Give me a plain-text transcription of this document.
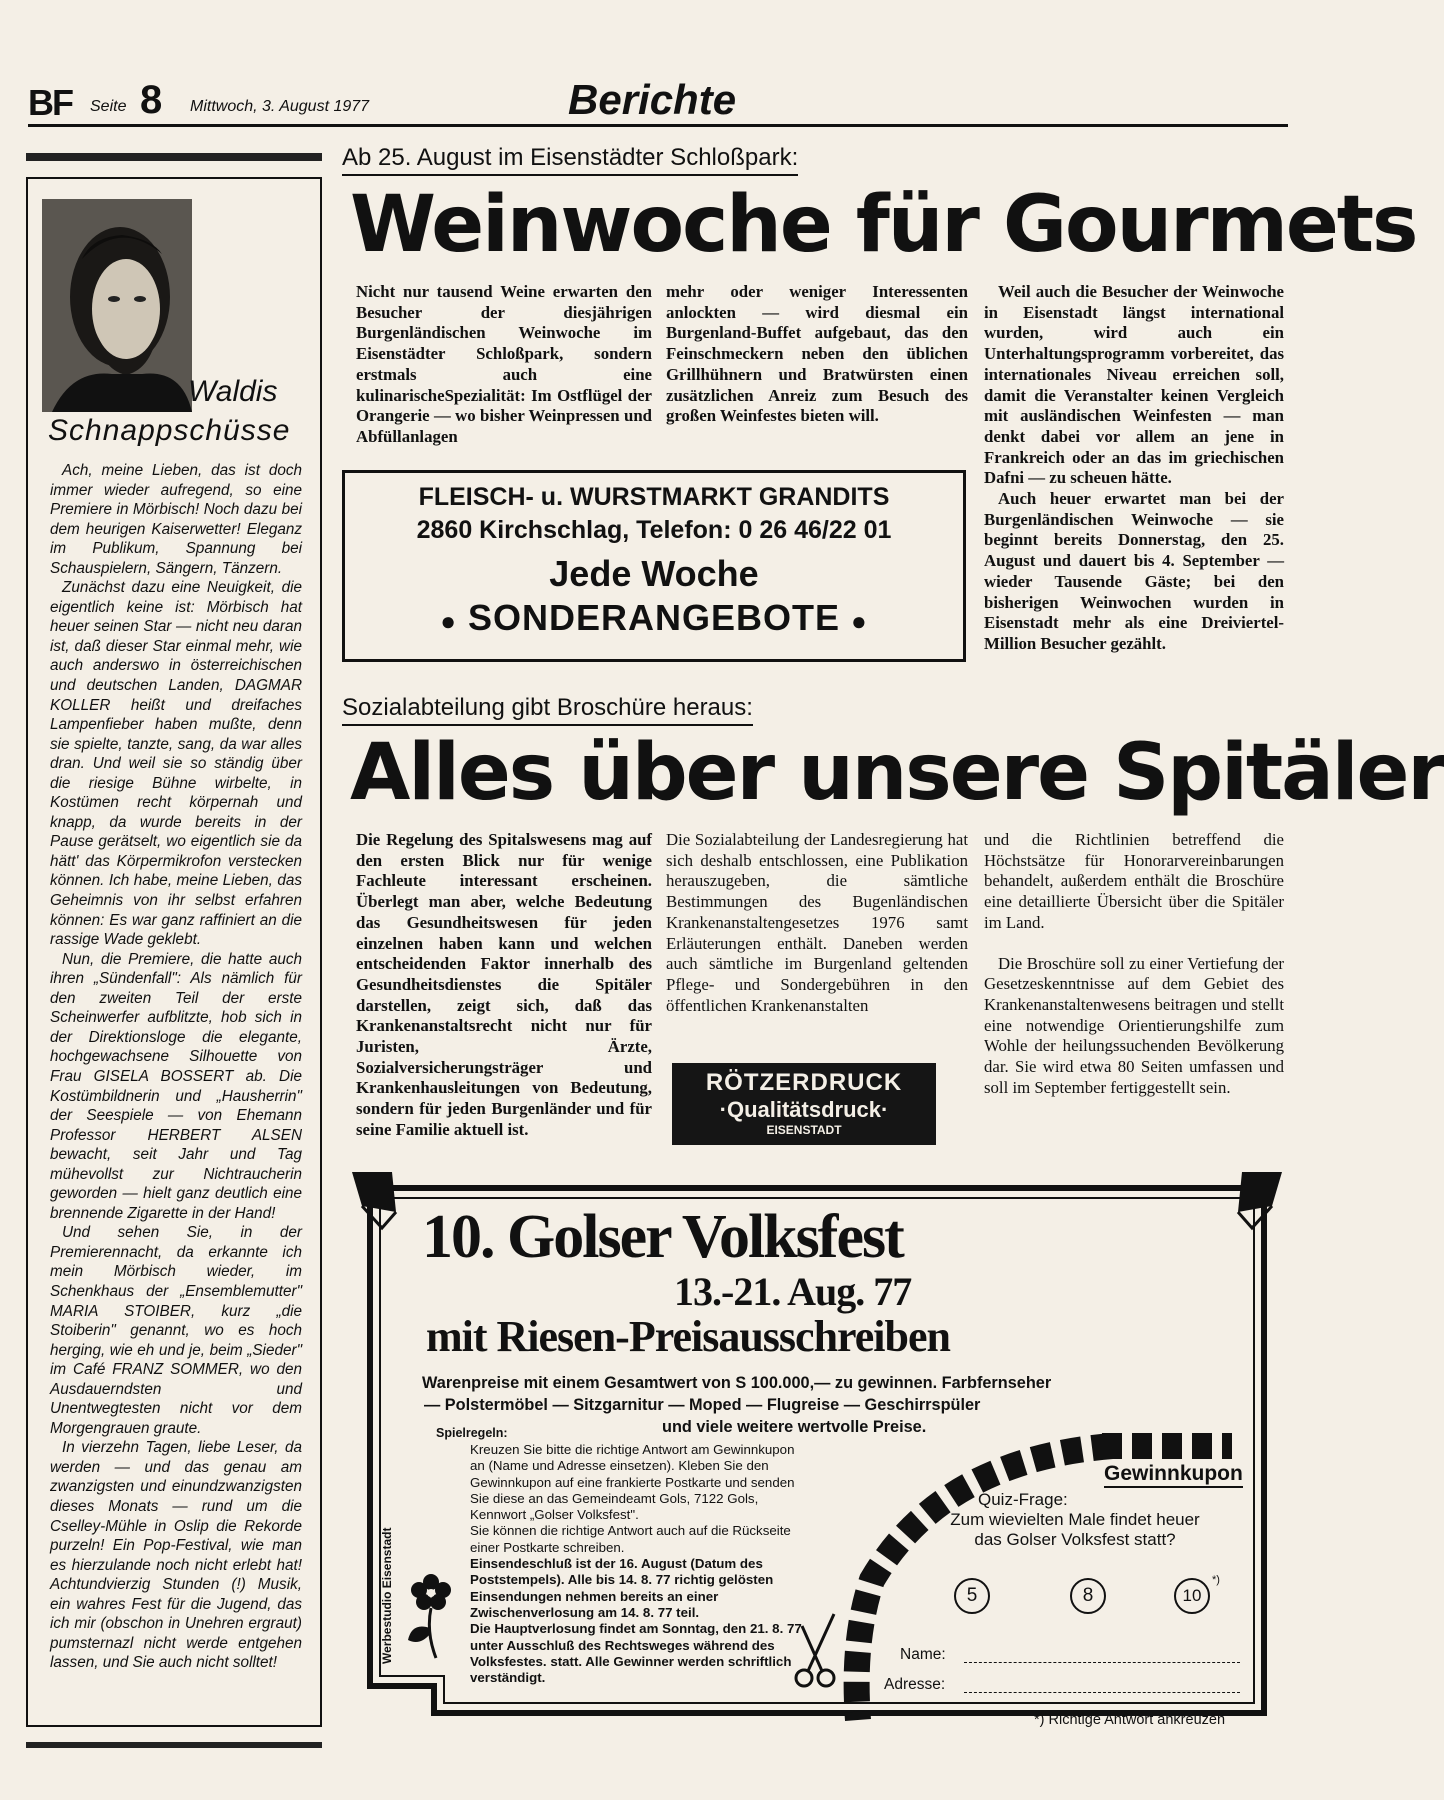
BF Seite 8 Mittwoch, 3. August 1977	Berichte
Waldis
Schnappschüsse

Ach, meine Lieben, das ist doch immer wieder aufregend, so eine Premiere in Mörbisch! Noch dazu bei dem heurigen Kaiserwetter! Eleganz im Publikum, Spannung bei Schauspielern, Sängern, Tänzern.

Zunächst dazu eine Neuigkeit, die eigentlich keine ist: Mörbisch hat heuer seinen Star — nicht neu daran ist, daß dieser Star einmal mehr, wie auch anderswo in österreichischen und deutschen Landen, DAGMAR KOLLER heißt und dreifaches Lampenfieber haben mußte, denn sie spielte, tanzte, sang, da war alles dran. Und weil sie so ständig über die riesige Bühne wirbelte, in Kostümen recht körpernah und knapp, da wurde bereits in der Pause gerätselt, wo eigentlich sie da hätt' das Körpermikrofon verstecken können. Ich habe, meine Lieben, das Geheimnis von ihr selbst erfahren können: Es war ganz raffiniert an die rassige Wade geklebt.

Nun, die Premiere, die hatte auch ihren „Sündenfall": Als nämlich für den zweiten Teil der erste Scheinwerfer aufblitzte, hob sich in der Direktionsloge die elegante, hochgewachsene Silhouette von Frau GISELA BOSSERT ab. Die Kostümbildnerin und „Hausherrin" der Seespiele — von Ehemann Professor HERBERT ALSEN bewacht, seit Jahr und Tag mühevollst zur Nichtraucherin geworden — hielt ganz deutlich eine brennende Zigarette in der Hand!

Und sehen Sie, in der Premierennacht, da erkannte ich mein Mörbisch wieder, im Schenkhaus der „Ensemblemutter" MARIA STOIBER, kurz „die Stoiberin" genannt, wo es hoch herging, wie eh und je, beim „Sieder" im Café FRANZ SOMMER, wo den Ausdauerndsten und Unentwegtesten nicht vor dem Morgengrauen graute.

In vierzehn Tagen, liebe Leser, da werden — und das genau am zwanzigsten und einundzwanzigsten dieses Monats — rund um die Cselley-Mühle in Oslip die Rekorde purzeln! Ein Pop-Festival, wie man es hierzulande noch nicht erlebt hat! Achtundvierzig Stunden (!) Musik, ein wahres Fest für die Jugend, das ich mir (obschon in Unehren ergraut) pumsternazl nicht werde entgehen lassen, und Sie auch nicht solltet!

Ab 25. August im Eisenstädter Schloßpark:
Weinwoche für Gourmets

Nicht nur tausend Weine erwarten den Besucher der diesjährigen Burgenländischen Weinwoche im Eisenstädter Schloßpark, sondern erstmals auch eine kulinarischeSpezialität: Im Ostflügel der Orangerie — wo bisher Weinpressen und Abfüllanlagen

mehr oder weniger Interessenten anlockten — wird diesmal ein Burgenland-Buffet aufgebaut, das den Feinschmeckern neben den üblichen Grillhühnern und Bratwürsten einen zusätzlichen Anreiz zum Besuch des großen Weinfestes bieten will.

Weil auch die Besucher der Weinwoche in Eisenstadt längst international wurden, wird auch ein Unterhaltungsprogramm vorbereitet, das internationales Niveau erreichen soll, damit die Veranstalter keinen Vergleich mit ausländischen Weinfesten — man denkt dabei vor allem an jene in Frankreich oder an das im griechischen Dafni — zu scheuen hätte.

Auch heuer erwartet man bei der Burgenländischen Weinwoche — sie beginnt bereits Donnerstag, den 25. August und dauert bis 4. September — wieder Tausende Gäste; bei den bisherigen Weinwochen wurden in Eisenstadt mehr als eine Dreiviertel-Million Besucher gezählt.

FLEISCH- u. WURSTMARKT GRANDITS
2860 Kirchschlag, Telefon: 0 26 46/22 01
Jede Woche
● SONDERANGEBOTE ●
Sozialabteilung gibt Broschüre heraus:
Alles über unsere Spitäler

Die Regelung des Spitalswesens mag auf den ersten Blick nur für wenige Fachleute interessant erscheinen. Überlegt man aber, welche Bedeutung das Gesundheitswesen für jeden einzelnen haben kann und welchen entscheidenden Faktor innerhalb des Gesundheitsdienstes die Spitäler darstellen, zeigt sich, daß das Krankenanstaltsrecht nicht nur für Juristen, Ärzte, Sozialversicherungsträger und Krankenhausleitungen von Bedeutung, sondern für jeden Burgenländer und für seine Familie aktuell ist.

Die Sozialabteilung der Landesregierung hat sich deshalb entschlossen, eine Publikation herauszugeben, die sämtliche Bestimmungen des Bugenländischen Krankenanstaltengesetzes 1976 samt Erläuterungen enthält. Daneben werden auch sämtliche im Burgenland geltenden Pflege- und Sondergebühren in den öffentlichen Krankenanstalten

und die Richtlinien betreffend die Höchstsätze für Honorarvereinbarungen behandelt, außerdem enthält die Broschüre eine detaillierte Übersicht über die Spitäler im Land.

Die Broschüre soll zu einer Vertiefung der Gesetzeskenntnisse auf dem Gebiet des Krankenanstaltenwesens beitragen und stellt eine notwendige Orientierungshilfe zum Wohle der heilungssuchenden Bevölkerung dar. Sie wird etwa 80 Seiten umfassen und soll im September fertiggestellt sein.

RÖTZERDRUCK
·Qualitätsdruck·
EISENSTADT
10. Golser Volksfest
13.-21. Aug. 77
mit Riesen-Preisausschreiben
Warenpreise mit einem Gesamtwert von S 100.000,— zu gewinnen. Farbfernseher
— Polstermöbel — Sitzgarnitur — Moped — Flugreise — Geschirrspüler
und viele weitere wertvolle Preise.
Spielregeln:
Kreuzen Sie bitte die richtige Antwort am Gewinnkupon an (Name und Adresse einsetzen). Kleben Sie den Gewinnkupon auf eine frankierte Postkarte und senden Sie diese an das Gemeindeamt Gols, 7122 Gols, Kennwort „Golser Volksfest".
Sie können die richtige Antwort auch auf die Rückseite einer Postkarte schreiben.
Einsendeschluß ist der 16. August (Datum des Poststempels). Alle bis 14. 8. 77 richtig gelösten Einsendungen nehmen bereits an einer Zwischenverlosung am 14. 8. 77 teil.
Die Hauptverlosung findet am Sonntag, den 21. 8. 77 unter Ausschluß des Rechtsweges während des Volksfestes. statt. Alle Gewinner werden schriftlich verständigt.
Werbestudio Eisenstadt
Gewinnkupon
Quiz-Frage:
Zum wievielten Male findet heuer das Golser Volksfest statt?
5	8	10
*)
Name:
Adresse:
*) Richtige Antwort ankreuzen
